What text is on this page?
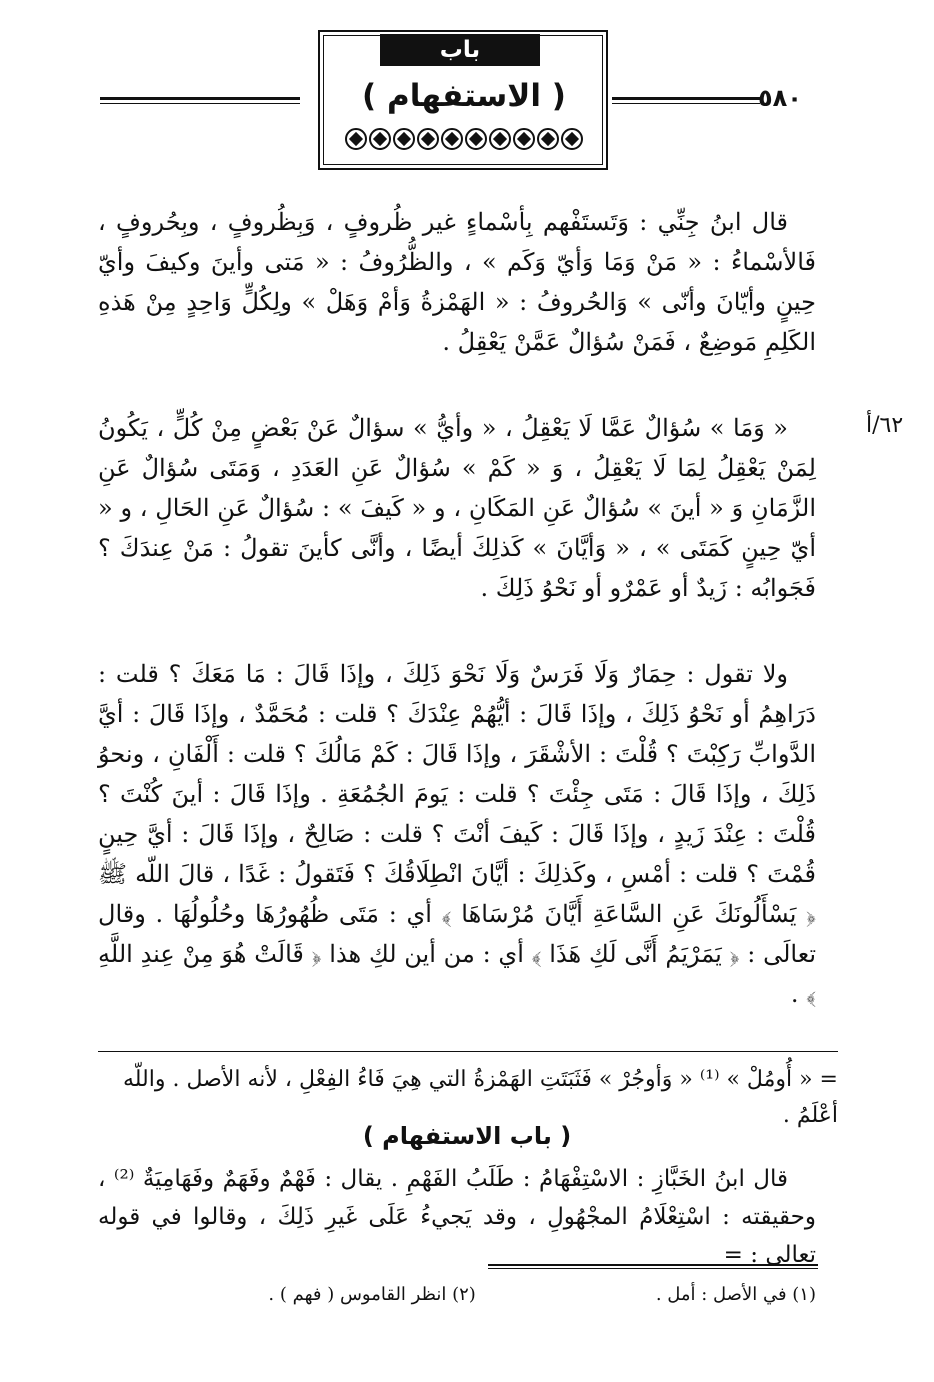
٥٨٠
باب
( الاستفهام )

قال ابنُ جِنِّي : وَتَستَفْهم بِأسْماءٍ غير ظُروفٍ ، وَبِظُروفٍ ، وبِحُروفٍ ، فَالأسْماءُ : « مَنْ وَمَا وَأيّ وَكَم » ، والظُّرُوفُ : « مَتى وأينَ وكيفَ وأيّ حِينٍ وأيّانَ وأنّى » وَالحُروفُ : « الهَمْزةُ وَأمْ وَهَلْ » ولِكُلٍّ وَاحِدٍ مِنْ هَذهِ الكَلِمِ مَوضِعٌ ، فَمَنْ سُؤالٌ عَمَّنْ يَعْقِلُ .

٦٢/أ

« وَمَا » سُؤالٌ عَمَّا لَا يَعْقِلُ ، « وأيُّ » سؤالٌ عَنْ بَعْضٍ مِنْ كُلٍّ ، يَكُونُ لِمَنْ يَعْقِلُ لِمَا لَا يَعْقِلُ ، وَ « كَمْ » سُؤالٌ عَنِ العَدَدِ ، وَمَتَى سُؤالٌ عَنِ الزَّمَانِ وَ « أينَ » سُؤالٌ عَنِ المَكَانِ ، و « كَيفَ » : سُؤالٌ عَنِ الحَالِ ، و « أيّ حِينٍ كَمَتَى » ، « وَأيَّانَ » كَذلِكَ أيضًا ، وأنَّى كأينَ تقولُ : مَنْ عِندَكَ ؟ فَجَوابُه : زَيدٌ أو عَمْرٌو أو نَحْوُ ذَلِكَ .

ولا تقول : حِمَارٌ وَلَا فَرَسٌ وَلَا نَحْوَ ذَلِكَ ، وإذَا قَالَ : مَا مَعَكَ ؟ قلت : دَرَاهِمُ أو نَحْوُ ذَلِكَ ، وإذَا قَالَ : أيُّهُمْ عِنْدَكَ ؟ قلت : مُحَمَّدٌ ، وإذَا قَالَ : أيَّ الدَّوابِّ رَكِبْتَ ؟ قُلْتَ : الأشْقَرَ ، وإذَا قَالَ : كَمْ مَالُكَ ؟ قلت : أَلْفَانِ ، ونحوُ ذَلِكَ ، وإذَا قَالَ : مَتَى جِئْتَ ؟ قلت : يَومَ الجُمُعَةِ . وإذَا قَالَ : أينَ كُنْتَ ؟ قُلْتَ : عِنْدَ زَيدٍ ، وإذَا قَالَ : كَيفَ أنْتَ ؟ قلت : صَالِحٌ ، وإذَا قَالَ : أيَّ حِينٍ قُمْتَ ؟ قلت : أمْسِ ، وكَذلِكَ : أيَّانَ انْطِلَاقُكَ ؟ فَتَقولُ : غَدًا ، قالَ اللّه ﷺ ﴿ يَسْأَلُونَكَ عَنِ السَّاعَةِ أَيَّانَ مُرْسَاهَا ﴾ أي : مَتَى ظُهُورُهَا وحُلُولُهَا . وقال تعالَى : ﴿ يَمَرْيَمُ أَنَّى لَكِ هَذَا ﴾ أي : من أين لكِ هذا ﴿ قَالَتْ هُوَ مِنْ عِندِ اللَّهِ ﴾ .

= « أُومُلْ » ⁽¹⁾ « وَأوجُرْ » فَثَبَتَتِ الهَمْزةُ التي هِيَ فَاءُ الفِعْلِ ، لأنه الأصل . واللّه أعْلَمُ .
( باب الاستفهام )

قال ابنُ الخَبَّازِ : الاسْتِفْهَامُ : طَلَبُ الفَهْمِ . يقال : فَهْمٌ وفَهَمٌ وفَهَامِيَةٌ ⁽²⁾ ، وحقيقته : اسْتِعْلَامُ المجْهُولِ ، وقد يَجيءُ عَلَى غَيرِ ذَلِكَ ، وقالوا في قوله تعالى : =

(١) في الأصل : أمل .
(٢) انظر القاموس ( فهم ) .
